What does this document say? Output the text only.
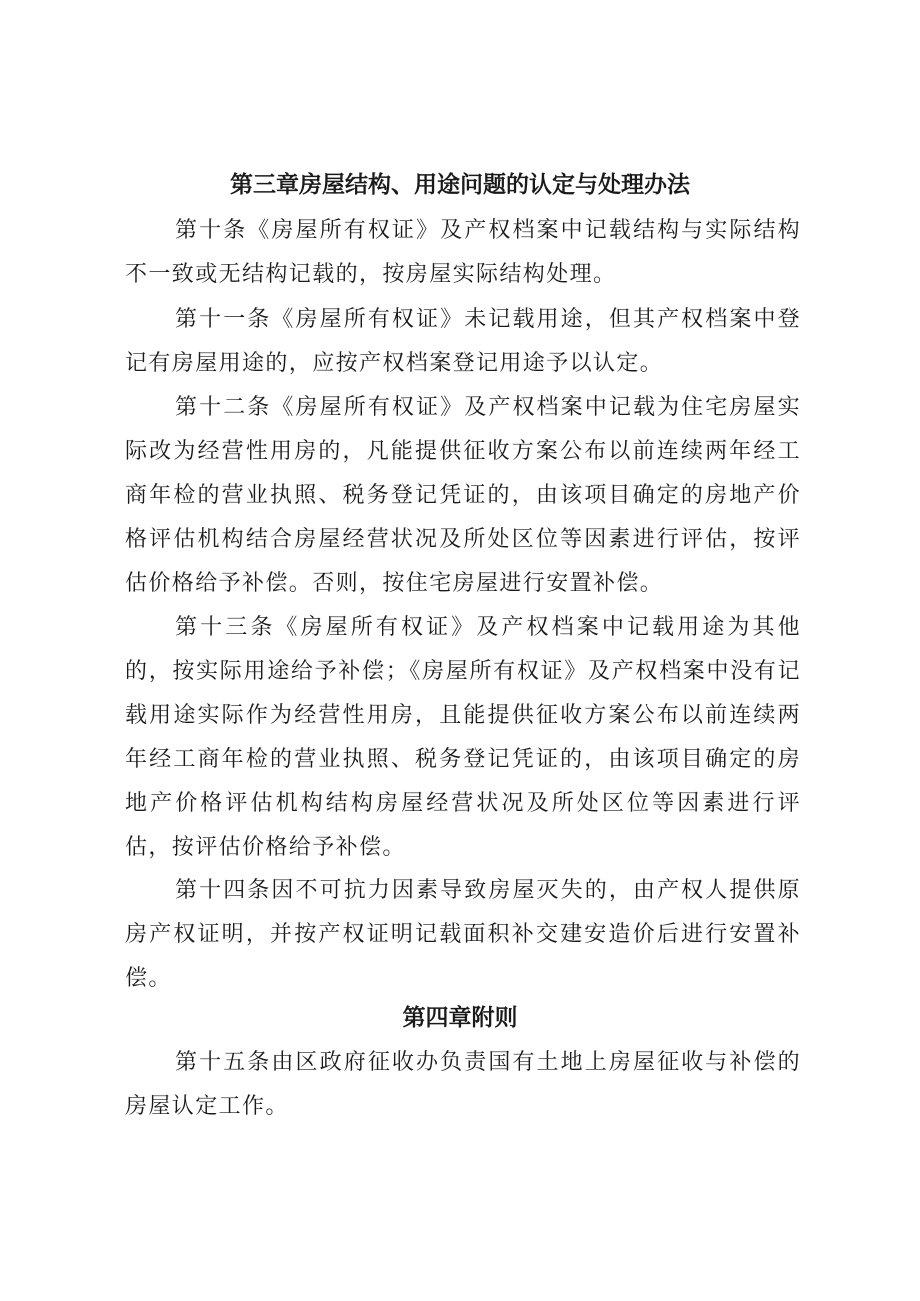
第三章房屋结构、用途问题的认定与处理办法

第十条《房屋所有权证》及产权档案中记载结构与实际结构不一致或无结构记载的，按房屋实际结构处理。

第十一条《房屋所有权证》未记载用途，但其产权档案中登记有房屋用途的，应按产权档案登记用途予以认定。

第十二条《房屋所有权证》及产权档案中记载为住宅房屋实际改为经营性用房的，凡能提供征收方案公布以前连续两年经工商年检的营业执照、税务登记凭证的，由该项目确定的房地产价格评估机构结合房屋经营状况及所处区位等因素进行评估，按评估价格给予补偿。否则，按住宅房屋进行安置补偿。

第十三条《房屋所有权证》及产权档案中记载用途为其他的，按实际用途给予补偿；《房屋所有权证》及产权档案中没有记载用途实际作为经营性用房，且能提供征收方案公布以前连续两年经工商年检的营业执照、税务登记凭证的，由该项目确定的房地产价格评估机构结构房屋经营状况及所处区位等因素进行评估，按评估价格给予补偿。

第十四条因不可抗力因素导致房屋灭失的，由产权人提供原房产权证明，并按产权证明记载面积补交建安造价后进行安置补偿。

第四章附则

第十五条由区政府征收办负责国有土地上房屋征收与补偿的房屋认定工作。
